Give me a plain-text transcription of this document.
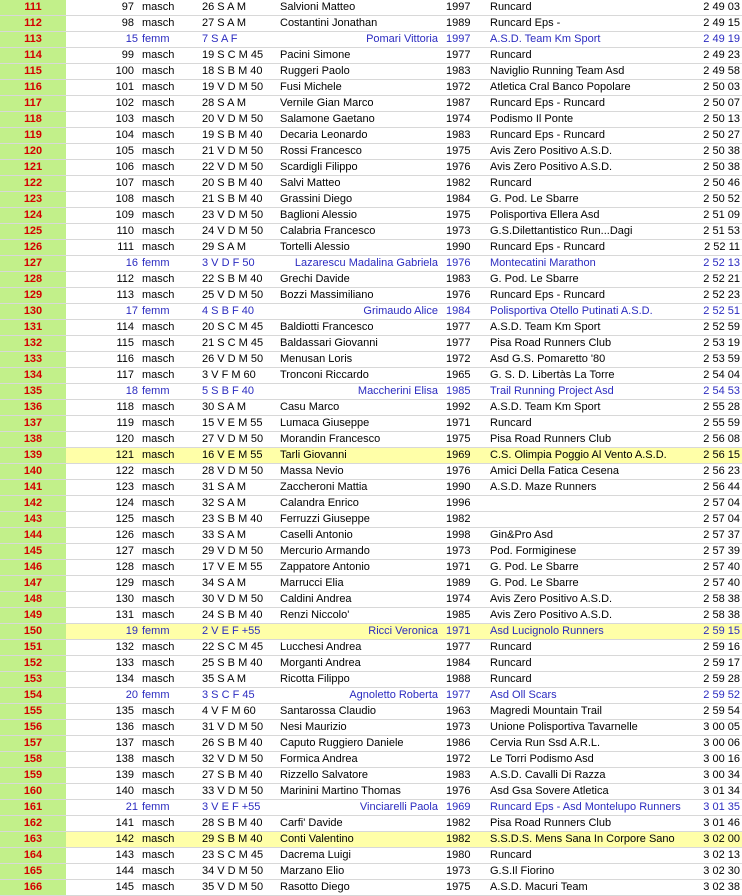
111	97	masch	26 S A M	Salvioni Matteo	1997	Runcard	2 49 03
112	98	masch	27 S A M	Costantini Jonathan	1989	Runcard Eps -	2 49 15
113	15	femm	7 S A F	Pomari Vittoria	1997	A.S.D. Team Km Sport	2 49 19
114	99	masch	19 S C M 45	Pacini Simone	1977	Runcard	2 49 23
115	100	masch	18 S B M 40	Ruggeri Paolo	1983	Naviglio Running Team Asd	2 49 58
116	101	masch	19 V D M 50	Fusi Michele	1972	Atletica Cral Banco Popolare	2 50 03
117	102	masch	28 S A M	Vernile Gian Marco	1987	Runcard Eps - Runcard	2 50 07
118	103	masch	20 V D M 50	Salamone Gaetano	1974	Podismo Il Ponte	2 50 13
119	104	masch	19 S B M 40	Decaria Leonardo	1983	Runcard Eps - Runcard	2 50 27
120	105	masch	21 V D M 50	Rossi Francesco	1975	Avis Zero Positivo A.S.D.	2 50 38
121	106	masch	22 V D M 50	Scardigli Filippo	1976	Avis Zero Positivo A.S.D.	2 50 38
122	107	masch	20 S B M 40	Salvi Matteo	1982	Runcard	2 50 46
123	108	masch	21 S B M 40	Grassini Diego	1984	G. Pod. Le Sbarre	2 50 52
124	109	masch	23 V D M 50	Baglioni Alessio	1975	Polisportiva Ellera Asd	2 51 09
125	110	masch	24 V D M 50	Calabria Francesco	1973	G.S.Dilettantistico Run...Dagi	2 51 53
126	111	masch	29 S A M	Tortelli Alessio	1990	Runcard Eps - Runcard	2 52 11
127	16	femm	3 V D F 50	Lazarescu Madalina Gabriela	1976	Montecatini Marathon	2 52 13
128	112	masch	22 S B M 40	Grechi Davide	1983	G. Pod. Le Sbarre	2 52 21
129	113	masch	25 V D M 50	Bozzi Massimiliano	1976	Runcard Eps - Runcard	2 52 23
130	17	femm	4 S B F 40	Grimaudo Alice	1984	Polisportiva Otello Putinati A.S.D.	2 52 51
131	114	masch	20 S C M 45	Baldiotti Francesco	1977	A.S.D. Team Km Sport	2 52 59
132	115	masch	21 S C M 45	Baldassari Giovanni	1977	Pisa Road Runners Club	2 53 19
133	116	masch	26 V D M 50	Menusan Loris	1972	Asd G.S. Pomaretto '80	2 53 59
134	117	masch	3 V F M 60	Tronconi Riccardo	1965	G. S. D. Libertàs La Torre	2 54 04
135	18	femm	5 S B F 40	Maccherini Elisa	1985	Trail Running Project Asd	2 54 53
136	118	masch	30 S A M	Casu Marco	1992	A.S.D. Team Km Sport	2 55 28
137	119	masch	15 V E M 55	Lumaca Giuseppe	1971	Runcard	2 55 59
138	120	masch	27 V D M 50	Morandin Francesco	1975	Pisa Road Runners Club	2 56 08
139	121	masch	16 V E M 55	Tarli Giovanni	1969	C.S. Olimpia Poggio Al Vento A.S.D.	2 56 15
140	122	masch	28 V D M 50	Massa Nevio	1976	Amici Della Fatica Cesena	2 56 23
141	123	masch	31 S A M	Zaccheroni Mattia	1990	A.S.D. Maze Runners	2 56 44
142	124	masch	32 S A M	Calandra Enrico	1996		2 57 04
143	125	masch	23 S B M 40	Ferruzzi Giuseppe	1982		2 57 04
144	126	masch	33 S A M	Caselli Antonio	1998	Gin&Pro Asd	2 57 37
145	127	masch	29 V D M 50	Mercurio Armando	1973	Pod. Formiginese	2 57 39
146	128	masch	17 V E M 55	Zappatore Antonio	1971	G. Pod. Le Sbarre	2 57 40
147	129	masch	34 S A M	Marrucci Elia	1989	G. Pod. Le Sbarre	2 57 40
148	130	masch	30 V D M 50	Caldini Andrea	1974	Avis Zero Positivo A.S.D.	2 58 38
149	131	masch	24 S B M 40	Renzi Niccolo'	1985	Avis Zero Positivo A.S.D.	2 58 38
150	19	femm	2 V E F +55	Ricci Veronica	1971	Asd Lucignolo Runners	2 59 15
151	132	masch	22 S C M 45	Lucchesi Andrea	1977	Runcard	2 59 16
152	133	masch	25 S B M 40	Morganti Andrea	1984	Runcard	2 59 17
153	134	masch	35 S A M	Ricotta Filippo	1988	Runcard	2 59 28
154	20	femm	3 S C F 45	Agnoletto Roberta	1977	Asd Oll Scars	2 59 52
155	135	masch	4 V F M 60	Santarossa Claudio	1963	Magredi Mountain Trail	2 59 54
156	136	masch	31 V D M 50	Nesi Maurizio	1973	Unione Polisportiva Tavarnelle	3 00 05
157	137	masch	26 S B M 40	Caputo Ruggiero Daniele	1986	Cervia Run Ssd A.R.L.	3 00 06
158	138	masch	32 V D M 50	Formica Andrea	1972	Le Torri Podismo Asd	3 00 16
159	139	masch	27 S B M 40	Rizzello Salvatore	1983	A.S.D. Cavalli Di Razza	3 00 34
160	140	masch	33 V D M 50	Marinini Martino Thomas	1976	Asd Gsa Sovere Atletica	3 01 34
161	21	femm	3 V E F +55	Vinciarelli Paola	1969	Runcard Eps - Asd Montelupo Runners	3 01 35
162	141	masch	28 S B M 40	Carfi' Davide	1982	Pisa Road Runners Club	3 01 46
163	142	masch	29 S B M 40	Conti Valentino	1982	S.S.D.S. Mens Sana In Corpore Sano	3 02 00
164	143	masch	23 S C M 45	Dacrema Luigi	1980	Runcard	3 02 13
165	144	masch	34 V D M 50	Marzano Elio	1973	G.S.Il Fiorino	3 02 30
166	145	masch	35 V D M 50	Rasotto Diego	1975	A.S.D. Macuri Team	3 02 38
